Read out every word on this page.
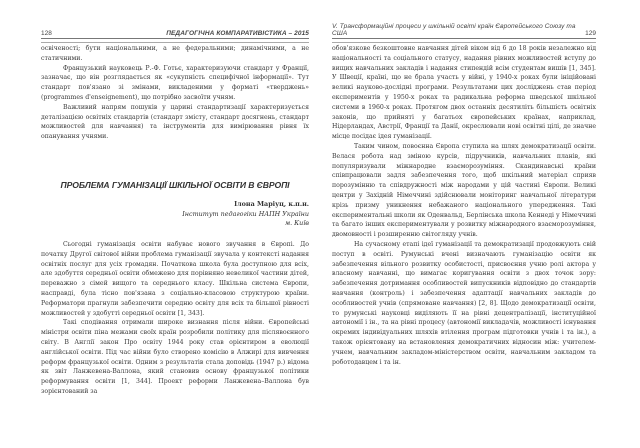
128	ПЕДАГОГІЧНА КОМПАРАТИВІСТИКА – 2015

освіченості; бути національними, а не федеральними; динамічними, а не статичними.

Французький науковець Р.-Ф. Готьє, характеризуючи стандарт у Франції, зазначає, що він розглядається як «сукупність специфічної інформації». Тут стандарт пов'язано зі змінами, викладеними у форматі «тверджень» (programmes d'enseignement), що потрібно засвоїти учням.

Важливий напрям пошуків у царині стандартизації характеризується деталізацією освітніх стандартів (стандарт змісту, стандарт досягнень, стандарт можливостей для навчання) та інструментів для вимірювання рівня їх опанування учнями.

ПРОБЛЕМА ГУМАНІЗАЦІЇ ШКІЛЬНОЇ ОСВІТИ В ЄВРОПІ
Ілона Маріуц, к.п.н.
Інститут педагогіки НАПН України
м. Київ

Сьогодні гуманізація освіти набуває нового звучання в Європі. До початку Другої світової війни проблема гуманізації звучала у контексті надання освітніх послуг для усіх громадян. Початкова школа була доступною для всіх, але здобуття середньої освіти обмежено для порівняно невеликої частини дітей, переважно з сімей вищого та середнього класу. Шкільна система Європи, насправді, була тісно пов'язана з соціально-класовою структурою країни. Реформатори прагнули забезпечити середню освіту для всіх та більшої рівності можливостей у здобутті середньої освіти [1, 343].

Такі сподівання отримали широке визнання після війни. Європейські міністри освіти піна межами своїх країн розробили політику для післявоєнного світу. В Англії закон Про освіту 1944 року став орієнтиром в еволюції англійської освіти. Під час війни було створено комісію в Алжирі для вивчення реформ французької освіти. Одним з результатів стала доповідь (1947 р.) відома як звіт Ланжевена-Валлона, який становив основу французької політики реформування освіти [1, 344]. Проект реформи Ланжевена–Валлона був зорієнтований за

V. Трансформаційні процеси у шкільній освіті країн Європейського Союзу та США	129

обов'язкове безкоштовне навчання дітей віком від 6 до 18 років незалежно від національності та соціального статусу, надання рівних можливостей вступу до вищих навчальних закладів і надання стипендій всім студентам вишів [1, 345]. У Швеції, країні, що не брала участь у війні, у 1940-х роках були ініційовані великі науково-дослідні програми. Результатами цих досліджень став період експериментів у 1950-х роках та радикальна реформа шведської шкільної системи в 1960-х роках. Протягом двох останніх десятиліть більшість освітніх законів, що прийняті у багатьох європейських країнах, наприклад, Нідерландах, Австрії, Франції та Данії, окреслювали нові освітні цілі, де значне місце посідає ідея гуманізації.

Таким чином, повоєнна Європа ступила на шлях демократизації освіти. Велася робота над зміною курсів, підручників, навчальних планів, які популяризували міжнародне взаєморозуміння. Скандинавські країни співпрацювали задля забезпечення того, щоб шкільний матеріал сприяв порозумінню та співдружності між народами у цій частині Європи. Великі центри у Західній Німеччині здійснювали моніторинг навчальної літератури крізь призму уникнення небажаного національного упередження. Такі експериментальні школи як Оденвальд, Берлінська школа Кеннеді у Німеччині та багато інших експериментували у розвитку міжнародного взаєморозуміння, двомовності і розширенню світогляду учнів.

На сучасному етапі ідеї гуманізації та демократизації продовжують свій поступ в освіті. Румунські вчені визначають гуманізацію освіти як забезпечення вільного розвитку особистості, присвоєння учню ролі актора у власному навчанні, що вимагає коригування освіти з двох точок зору: забезпечення дотримання особливостей випускників відповідно до стандартів навчання (контроль) і забезпечення адаптації навчальних закладів до особливостей учнів (спрямоване навчання) [2, 8]. Щодо демократизації освіти, то румунські науковці виділяють її на рівні децентралізації, інституційної автономії і ін., та на рівні процесу (автономії викладачів, можливості існування окремих індивідуальних шляхів втілення програм підготовки учнів і та ін.), а також орієнтовану на встановлення демократичних відносин між: учителем-учнем, навчальним закладом-міністерством освіти, навчальним закладом та роботодавцем і та ін.
